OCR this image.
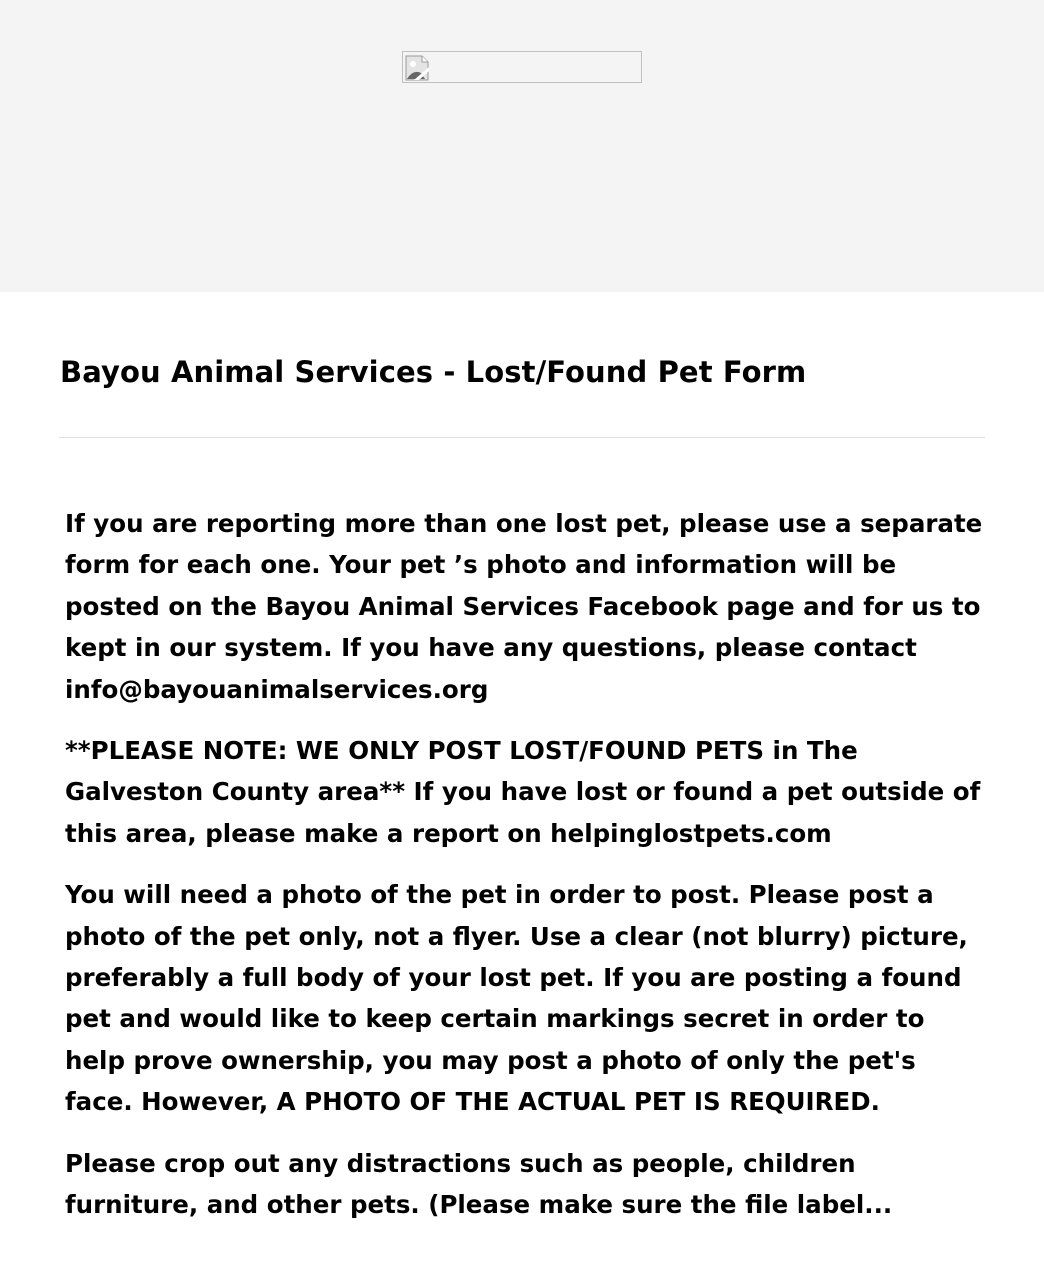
Bayou Animal Services - Lost/Found Pet Form

If you are reporting more than one lost pet, please use a separate form for each one. Your pet ’s photo and information will be posted on the Bayou Animal Services Facebook page and for us to kept in our system. If you have any questions, please contact info@bayouanimalservices.org

**PLEASE NOTE: WE ONLY POST LOST/FOUND PETS in The Galveston County area** If you have lost or found a pet outside of this area, please make a report on helpinglostpets.com

You will need a photo of the pet in order to post. Please post a photo of the pet only, not a flyer. Use a clear (not blurry) picture, preferably a full body of your lost pet. If you are posting a found pet and would like to keep certain markings secret in order to help prove ownership, you may post a photo of only the pet's face. However, A PHOTO OF THE ACTUAL PET IS REQUIRED.

Please crop out any distractions such as people, children furniture, and other pets. (Please make sure the file label...
